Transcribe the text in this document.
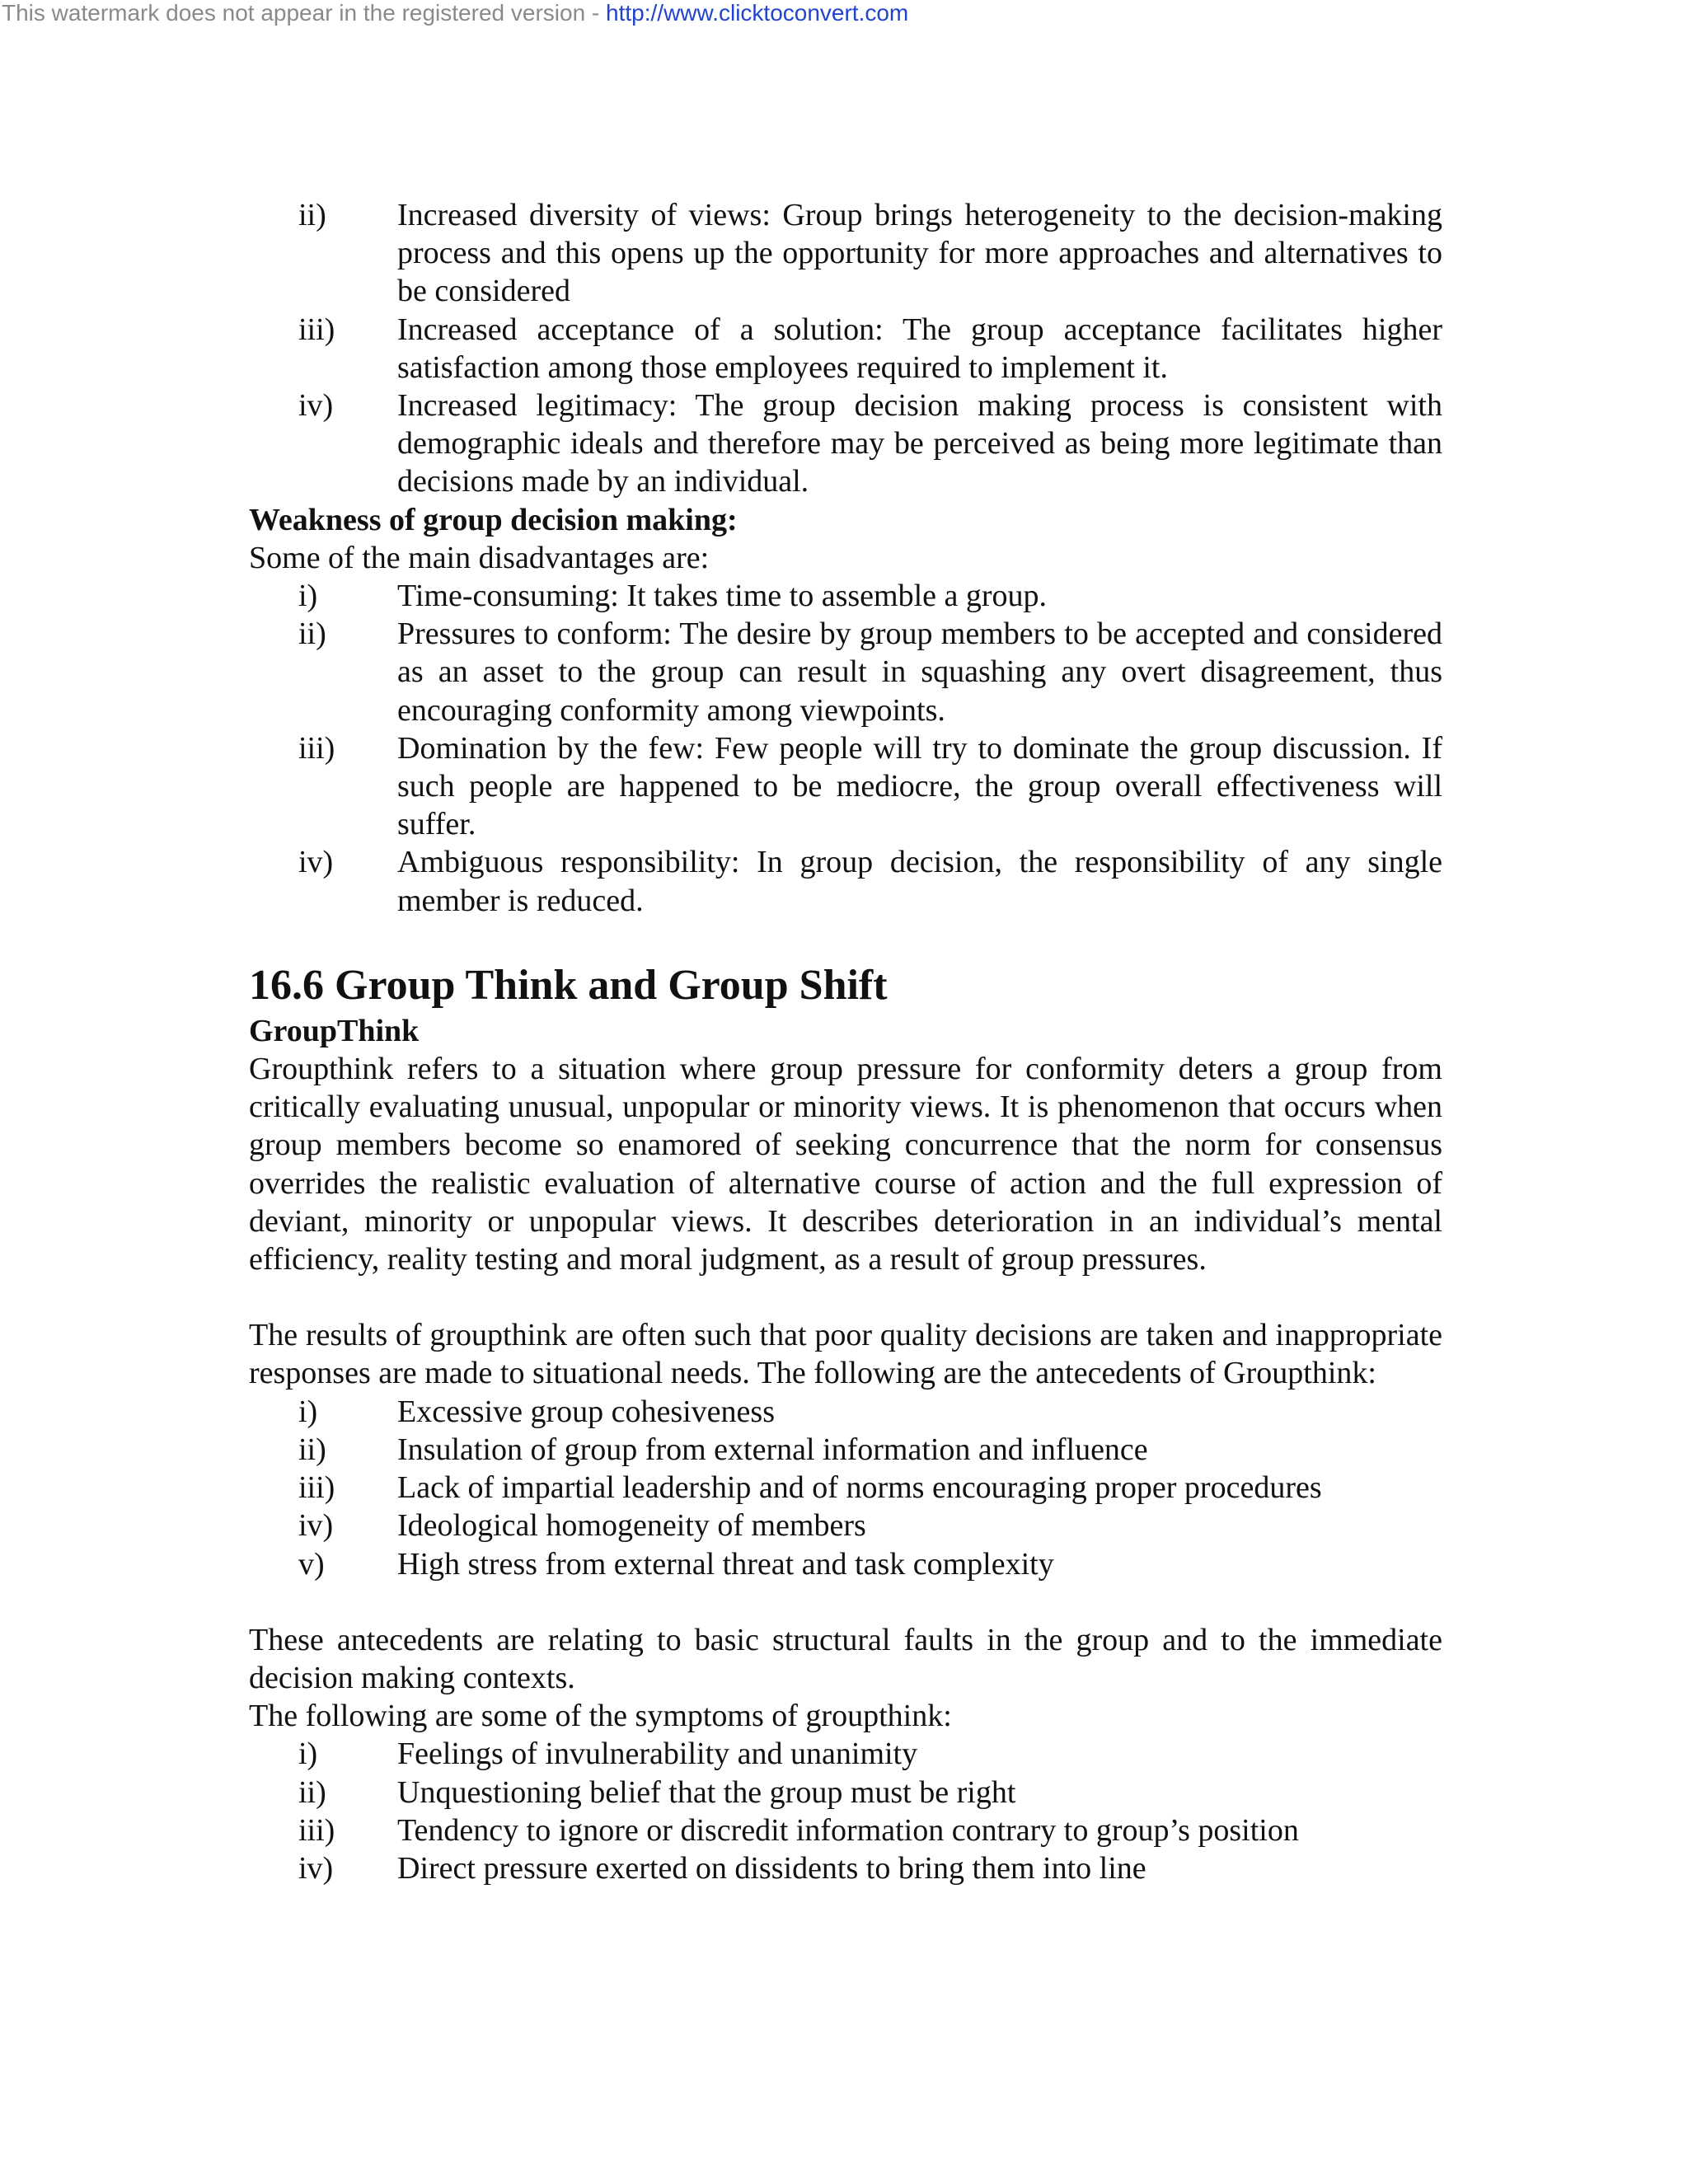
This watermark does not appear in the registered version - http://www.clicktoconvert.com
ii)	Increased diversity of views: Group brings heterogeneity to the decision-making process and this opens up the opportunity for more approaches and alternatives to be considered
iii)	Increased acceptance of a solution: The group acceptance facilitates higher satisfaction among those employees required to implement it.
iv)	Increased legitimacy: The group decision making process is consistent with demographic ideals and therefore may be perceived as being more legitimate than decisions made by an individual.
Weakness of group decision making:
Some of the main disadvantages are:
i)	Time-consuming: It takes time to assemble a group.
ii)	Pressures to conform: The desire by group members to be accepted and considered as an asset to the group can result in squashing any overt disagreement, thus encouraging conformity among viewpoints.
iii)	Domination by the few: Few people will try to dominate the group discussion. If such people are happened to be mediocre, the group overall effectiveness will suffer.
iv)	Ambiguous responsibility: In group decision, the responsibility of any single member is reduced.
16.6 Group Think and Group Shift
GroupThink
Groupthink refers to a situation where group pressure for conformity deters a group from critically evaluating unusual, unpopular or minority views. It is phenomenon that occurs when group members become so enamored of seeking concurrence that the norm for consensus overrides the realistic evaluation of alternative course of action and the full expression of deviant, minority or unpopular views. It describes deterioration in an individual’s mental efficiency, reality testing and moral judgment, as a result of group pressures.
The results of groupthink are often such that poor quality decisions are taken and inappropriate responses are made to situational needs. The following are the antecedents of Groupthink:
i)	Excessive group cohesiveness
ii)	Insulation of group from external information and influence
iii)	Lack of impartial leadership and of norms encouraging proper procedures
iv)	Ideological homogeneity of members
v)	High stress from external threat and task complexity
These antecedents are relating to basic structural faults in the group and to the immediate decision making contexts.
The following are some of the symptoms of groupthink:
i)	Feelings of invulnerability and unanimity
ii)	Unquestioning belief that the group must be right
iii)	Tendency to ignore or discredit information contrary to group’s position
iv)	Direct pressure exerted on dissidents to bring them into line
